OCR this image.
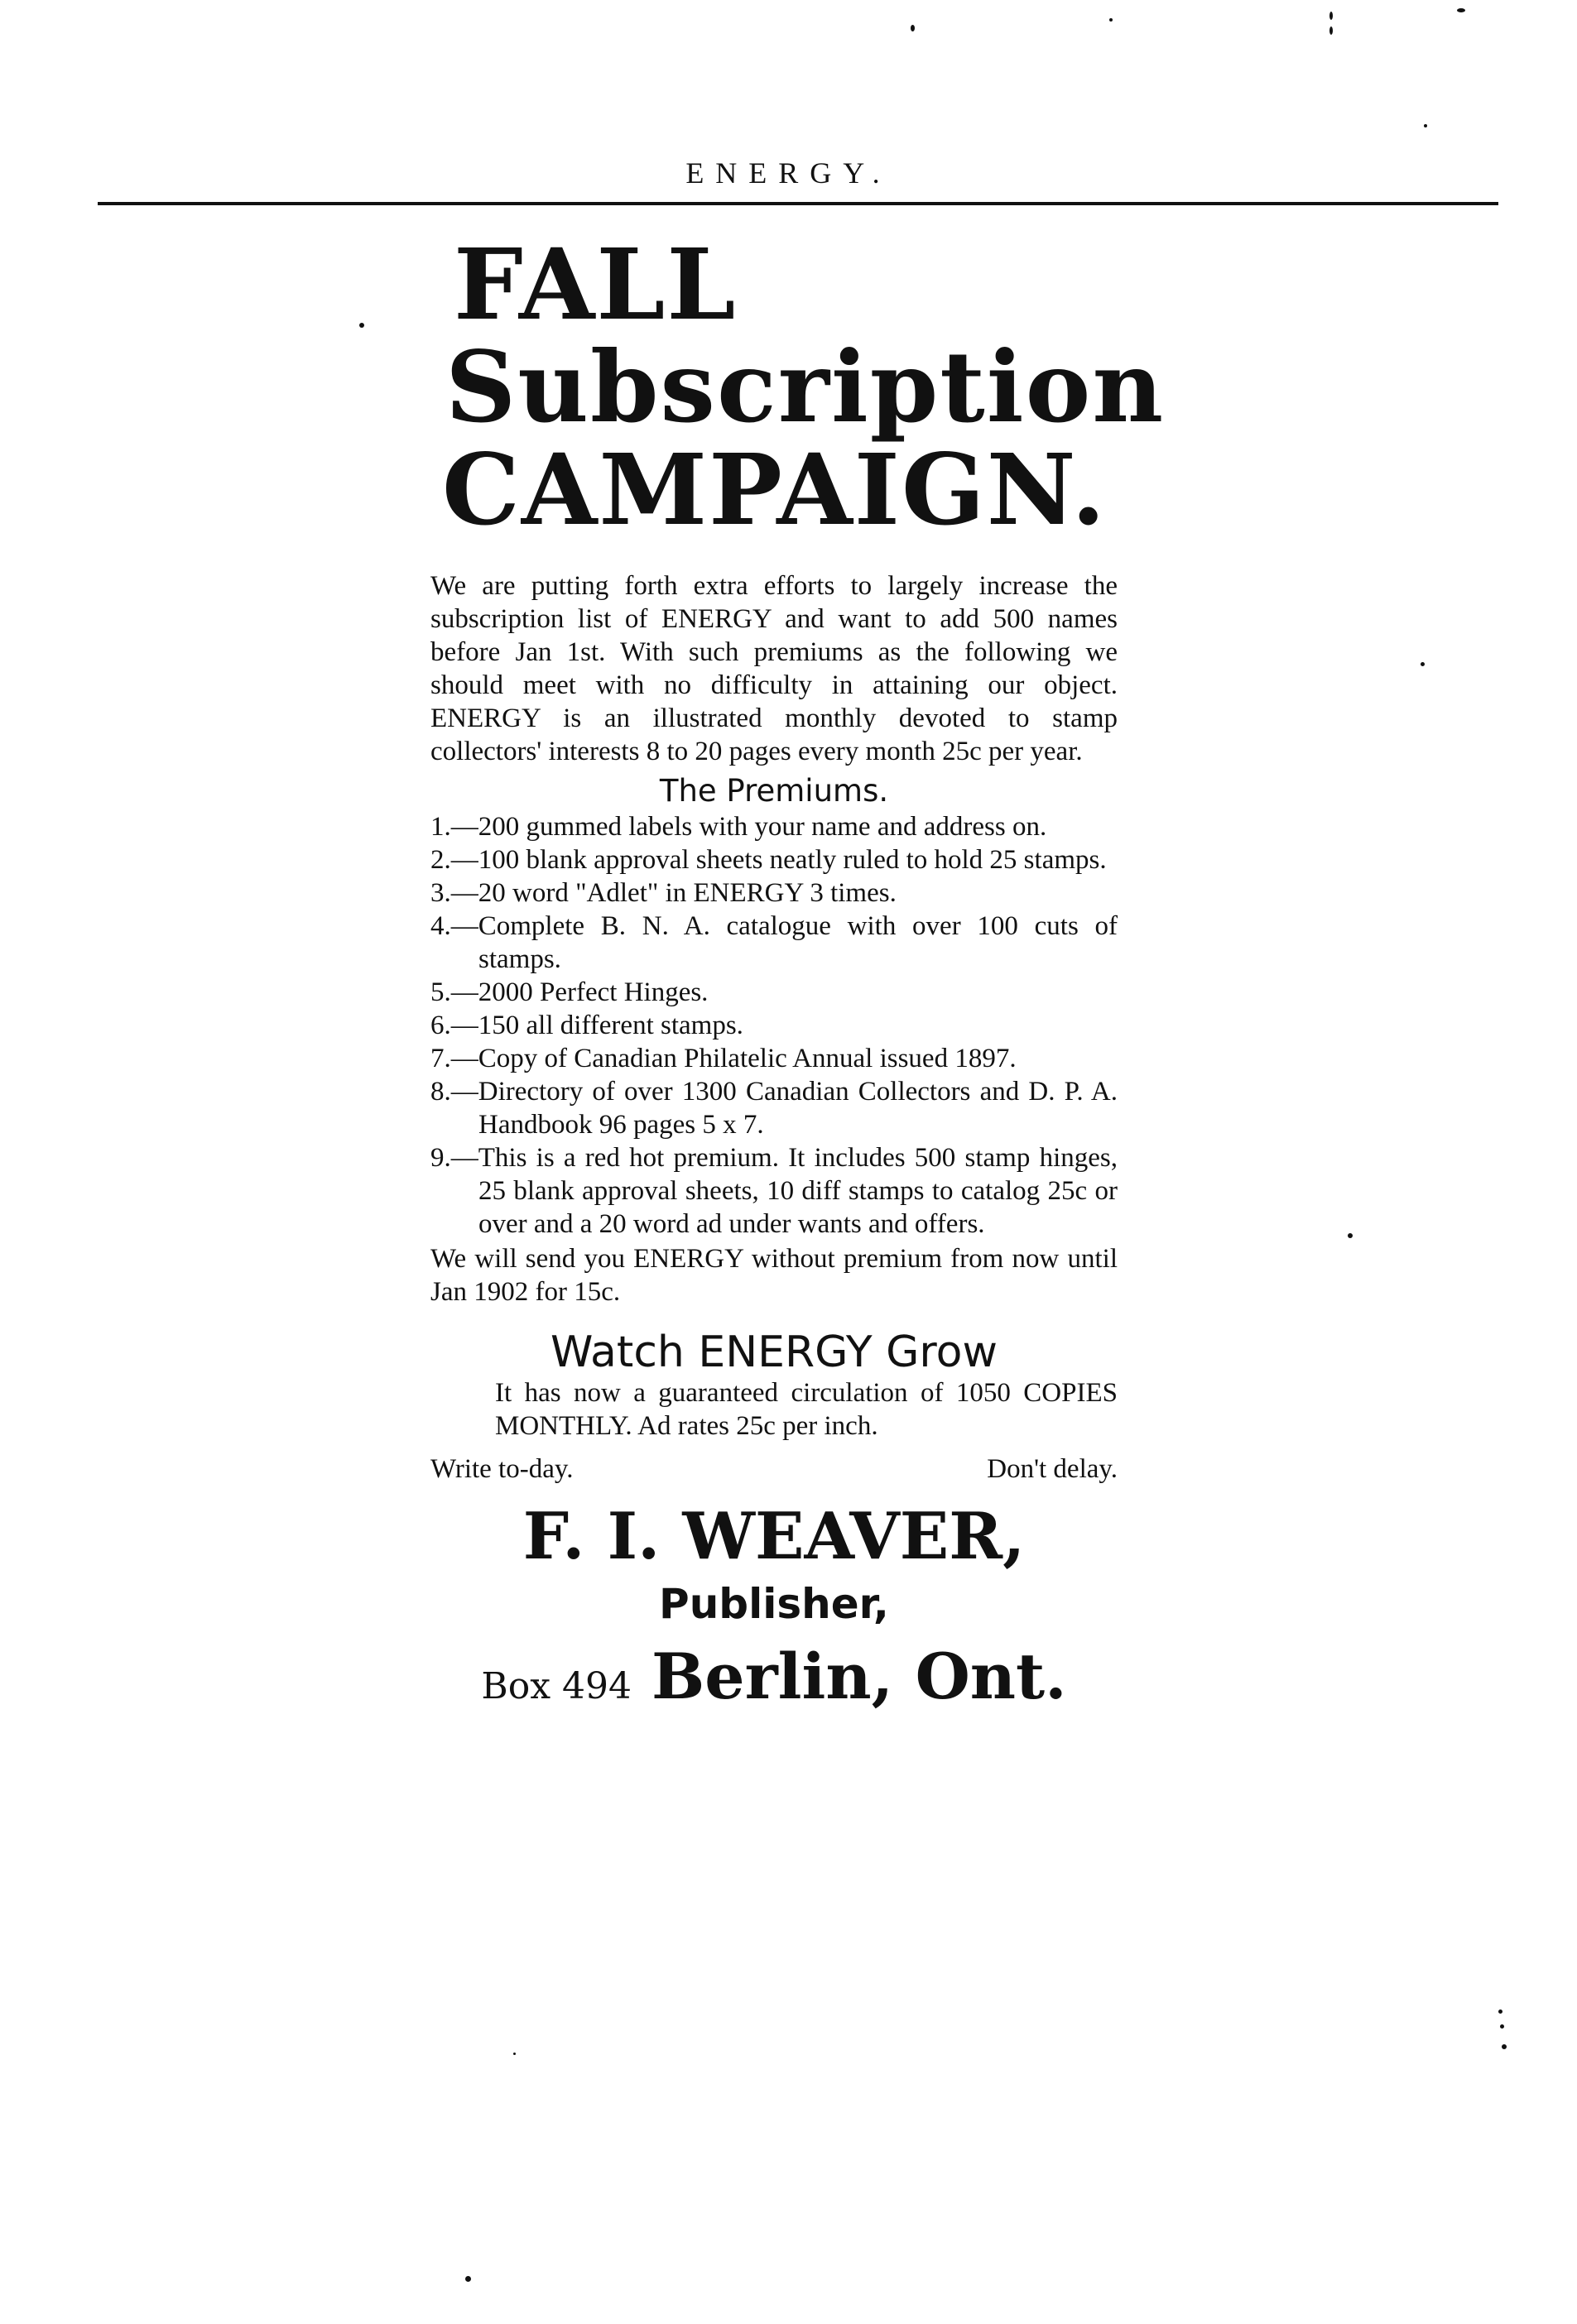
ENERGY.
FALL
Subscription
CAMPAIGN.

We are putting forth extra efforts to largely increase the subscription list of ENERGY and want to add 500 names before Jan 1st. With such premiums as the following we should meet with no difficulty in attaining our object. ENERGY is an illustrated monthly devoted to stamp collectors' interests 8 to 20 pages every month 25c per year.

The Premiums.
1.—200 gummed labels with your name and address on.
2.—100 blank approval sheets neatly ruled to hold 25 stamps.
3.—20 word "Adlet" in ENERGY 3 times.
4.—Complete B. N. A. catalogue with over 100 cuts of stamps.
5.—2000 Perfect Hinges.
6.—150 all different stamps.
7.—Copy of Canadian Philatelic Annual issued 1897.
8.—Directory of over 1300 Canadian Collectors and D. P. A. Handbook 96 pages 5 x 7.
9.—This is a red hot premium. It includes 500 stamp hinges, 25 blank approval sheets, 10 diff stamps to catalog 25c or over and a 20 word ad under wants and offers.

We will send you ENERGY without premium from now until Jan 1902 for 15c.

Watch ENERGY Grow
It has now a guaranteed circulation of 1050 COPIES MONTHLY. Ad rates 25c per inch.
Write to-day.	Don't delay.
F. I. WEAVER,
Publisher,
Box 494 Berlin, Ont.
